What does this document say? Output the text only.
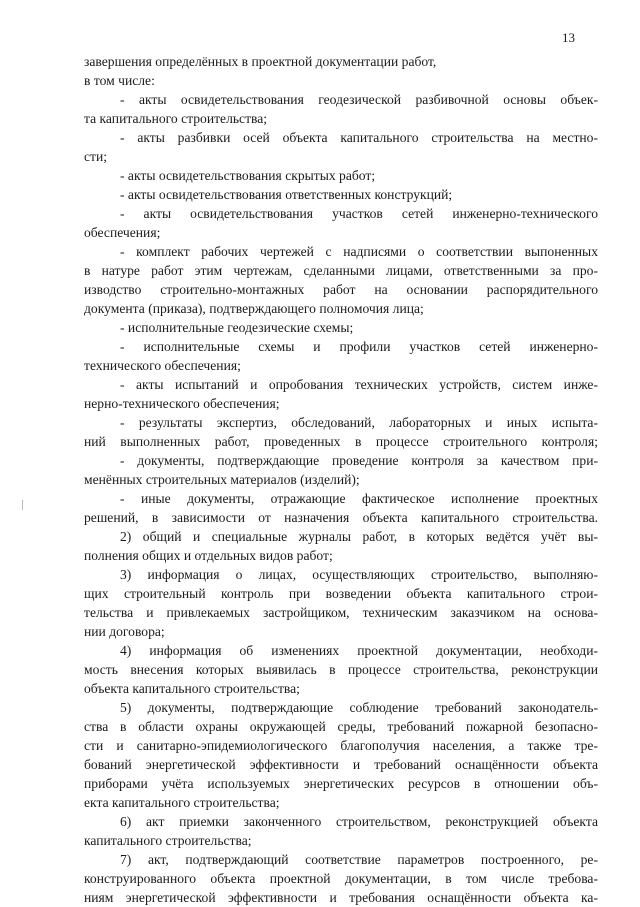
13
завершения определённых в проектной документации работ,
в том числе:
- акты освидетельствования геодезической разбивочной основы объек-
та капитального строительства;
- акты разбивки осей объекта капитального строительства на местно-
сти;
- акты освидетельствования скрытых работ;
- акты освидетельствования ответственных конструкций;
- акты освидетельствования участков сетей инженерно-технического
обеспечения;
- комплект рабочих чертежей с надписями о соответствии выпоненных
в натуре работ этим чертежам, сделанными лицами, ответственными за про-
изводство строительно-монтажных работ на основании распорядительного
документа (приказа), подтверждающего полномочия лица;
- исполнительные геодезические схемы;
- исполнительные схемы и профили участков сетей инженерно-
технического обеспечения;
- акты испытаний и опробования технических устройств, систем инже-
нерно-технического обеспечения;
- результаты экспертиз, обследований, лабораторных и иных испыта-
ний выполненных работ, проведенных в процессе строительного контроля;
- документы, подтверждающие проведение контроля за качеством при-
менённых строительных материалов (изделий);
- иные документы, отражающие фактическое исполнение проектных
решений, в зависимости от назначения объекта капитального строительства.
2) общий и специальные журналы работ, в которых ведётся учёт вы-
полнения общих и отдельных видов работ;
3) информация о лицах, осуществляющих строительство, выполняю-
щих строительный контроль при возведении объекта капитального строи-
тельства и привлекаемых застройщиком, техническим заказчиком на основа-
нии договора;
4) информация об изменениях проектной документации, необходи-
мость внесения которых выявилась в процессе строительства, реконструкции
объекта капитального строительства;
5) документы, подтверждающие соблюдение требований законодатель-
ства в области охраны окружающей среды, требований пожарной безопаcно-
сти и санитарно-эпидемиологического благополучия населения, а также тре-
бований энергетической эффективности и требований оснащённости объекта
приборами учёта используемых энергетических ресурсов в отношении объ-
екта капитального строительства;
6) акт приемки законченного строительством, реконструкцией объекта
капитального строительства;
7) акт, подтверждающий соответствие параметров построенного, ре-
конструированного объекта проектной документации, в том числе требова-
ниям энергетической эффективности и требования оснащённости объекта ка-
